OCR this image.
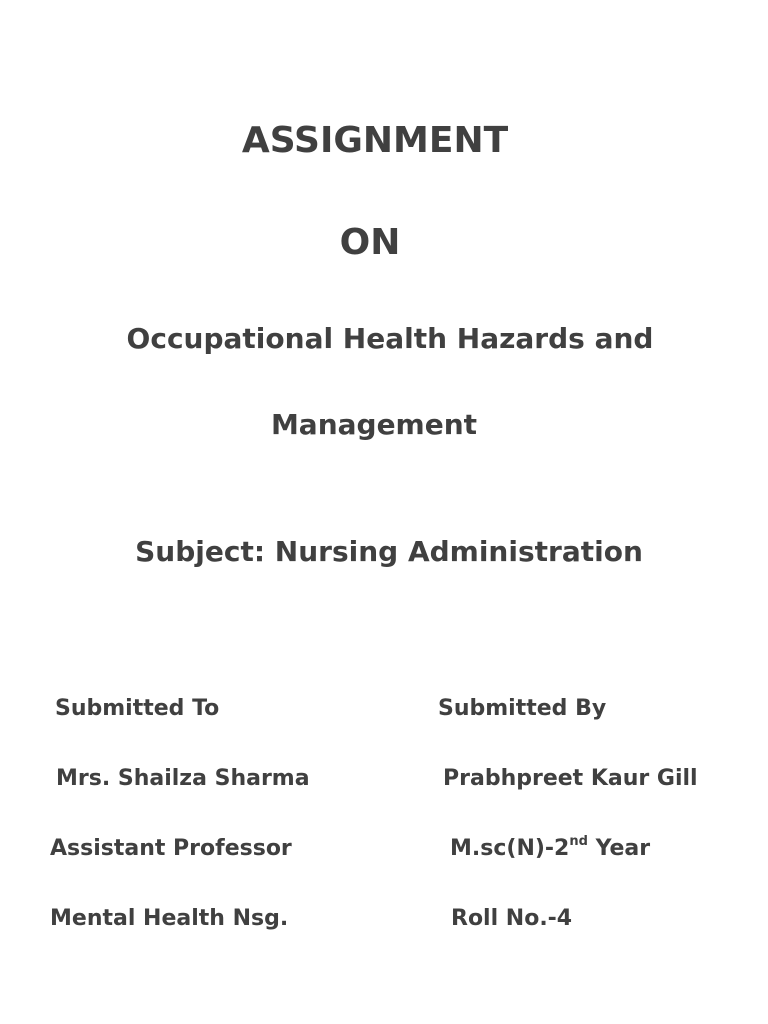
ASSIGNMENT
ON
Occupational Health Hazards and
Management
Subject: Nursing Administration
Submitted To
Mrs. Shailza Sharma
Assistant Professor
Mental Health Nsg.
Submitted By
Prabhpreet Kaur Gill
M.sc(N)-2nd Year
Roll No.-4
